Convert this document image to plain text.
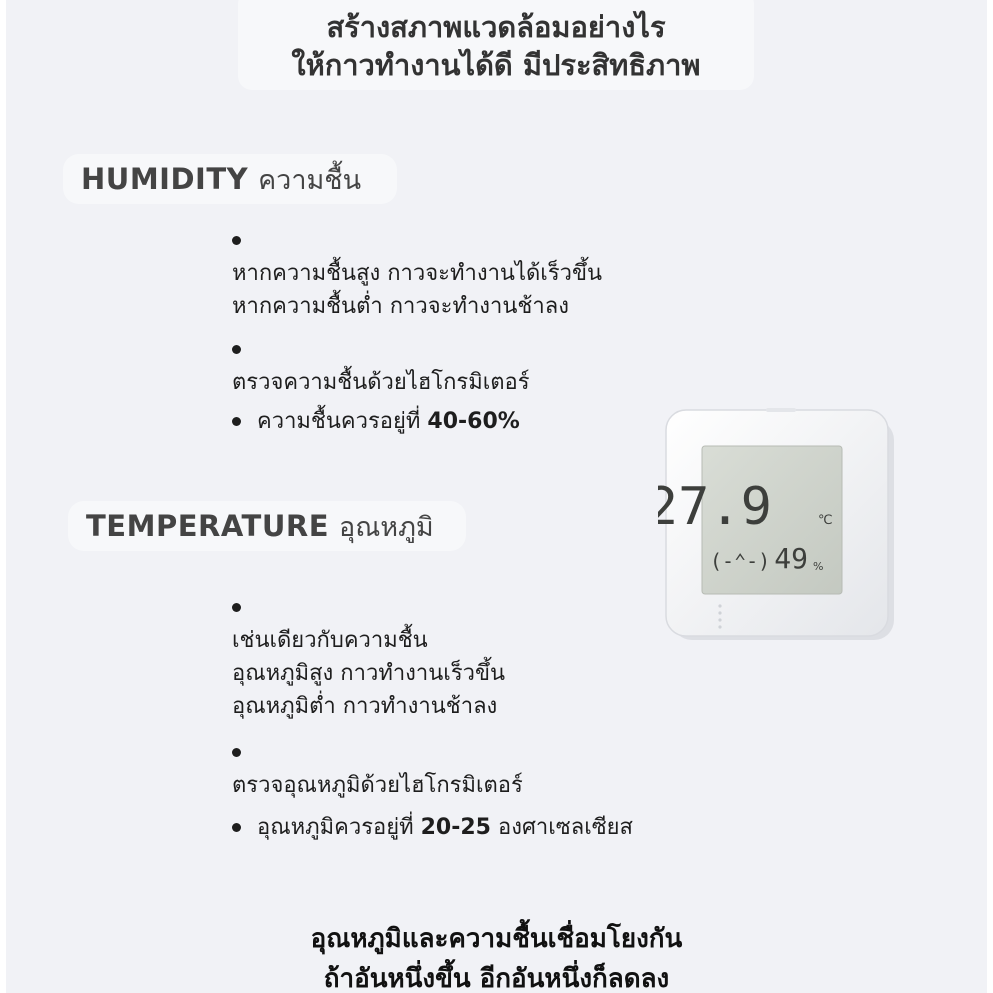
สร้างสภาพแวดล้อมอย่างไร
ให้กาวทำงานได้ดี มีประสิทธิภาพ
HUMIDITY ความชื้น
หากความชื้นสูง กาวจะทำงานได้เร็วขึ้น
หากความชื้นต่ำ กาวจะทำงานช้าลง
ตรวจความชื้นด้วยไฮโกรมิเตอร์
ความชื้นควรอยู่ที่ 40-60%
TEMPERATURE อุณหภูมิ
เช่นเดียวกับความชื้น
อุณหภูมิสูง กาวทำงานเร็วขึ้น
อุณหภูมิต่ำ กาวทำงานช้าลง
ตรวจอุณหภูมิด้วยไฮโกรมิเตอร์
อุณหภูมิควรอยู่ที่ 20-25 องศาเซลเซียส
27.9	℃
(-⌃-) 49 %
อุณหภูมิและความชื้นเชื่อมโยงกัน
ถ้าอันหนึ่งขึ้น อีกอันหนึ่งก็ลดลง
